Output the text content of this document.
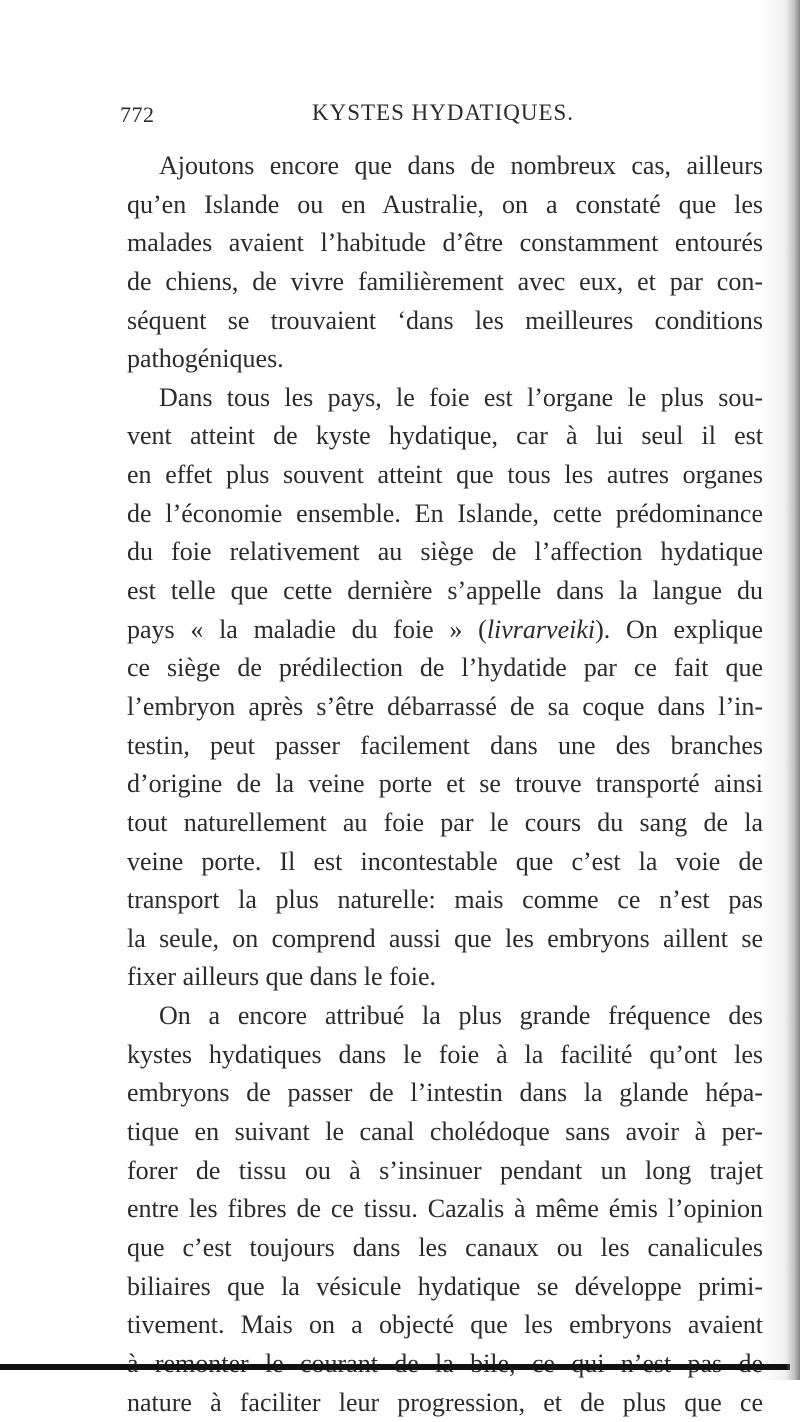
772	KYSTES HYDATIQUES.
Ajoutons encore que dans de nombreux cas, ailleurs
qu’en Islande ou en Australie, on a constaté que les
malades avaient l’habitude d’être constamment entourés
de chiens, de vivre familièrement avec eux, et par con-
séquent se trouvaient ‘dans les meilleures conditions
pathogéniques.
Dans tous les pays, le foie est l’organe le plus sou-
vent atteint de kyste hydatique, car à lui seul il est
en effet plus souvent atteint que tous les autres organes
de l’économie ensemble. En Islande, cette prédominance
du foie relativement au siège de l’affection hydatique
est telle que cette dernière s’appelle dans la langue du
pays « la maladie du foie » (livrarveiki). On explique
ce siège de prédilection de l’hydatide par ce fait que
l’embryon après s’être débarrassé de sa coque dans l’in-
testin, peut passer facilement dans une des branches
d’origine de la veine porte et se trouve transporté ainsi
tout naturellement au foie par le cours du sang de la
veine porte. Il est incontestable que c’est la voie de
transport la plus naturelle: mais comme ce n’est pas
la seule, on comprend aussi que les embryons aillent se
fixer ailleurs que dans le foie.
On a encore attribué la plus grande fréquence des
kystes hydatiques dans le foie à la facilité qu’ont les
embryons de passer de l’intestin dans la glande hépa-
tique en suivant le canal cholédoque sans avoir à per-
forer de tissu ou à s’insinuer pendant un long trajet
entre les fibres de ce tissu. Cazalis à même émis l’opinion
que c’est toujours dans les canaux ou les canalicules
biliaires que la vésicule hydatique se développe primi-
tivement. Mais on a objecté que les embryons avaient
nature à faciliter leur progression, et de plus que ce
